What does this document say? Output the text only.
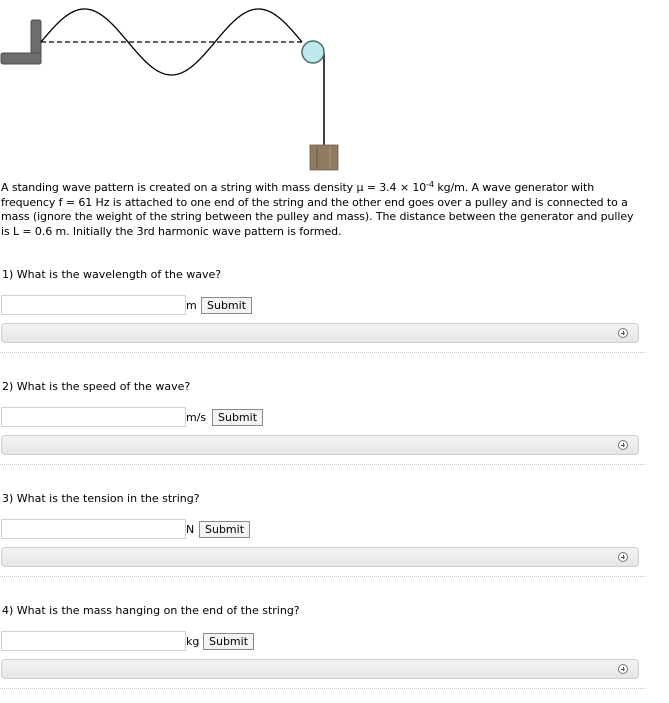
A standing wave pattern is created on a string with mass density $\mu = 3.4 \times 10^{-4}$ kg/m. A wave generator with frequency f = 61 Hz is attached to one end of the string and the other end goes over a pulley and is connected to a mass (ignore the weight of the string between the pulley and mass). The distance between the generator and pulley is L = 0.6 m. Initially the 3rd harmonic wave pattern is formed.

1) What is the wavelength of the wave?
m Submit
2) What is the speed of the wave?
m/s	Submit
3) What is the tension in the string?
N Submit
4) What is the mass hanging on the end of the string?
kg Submit
